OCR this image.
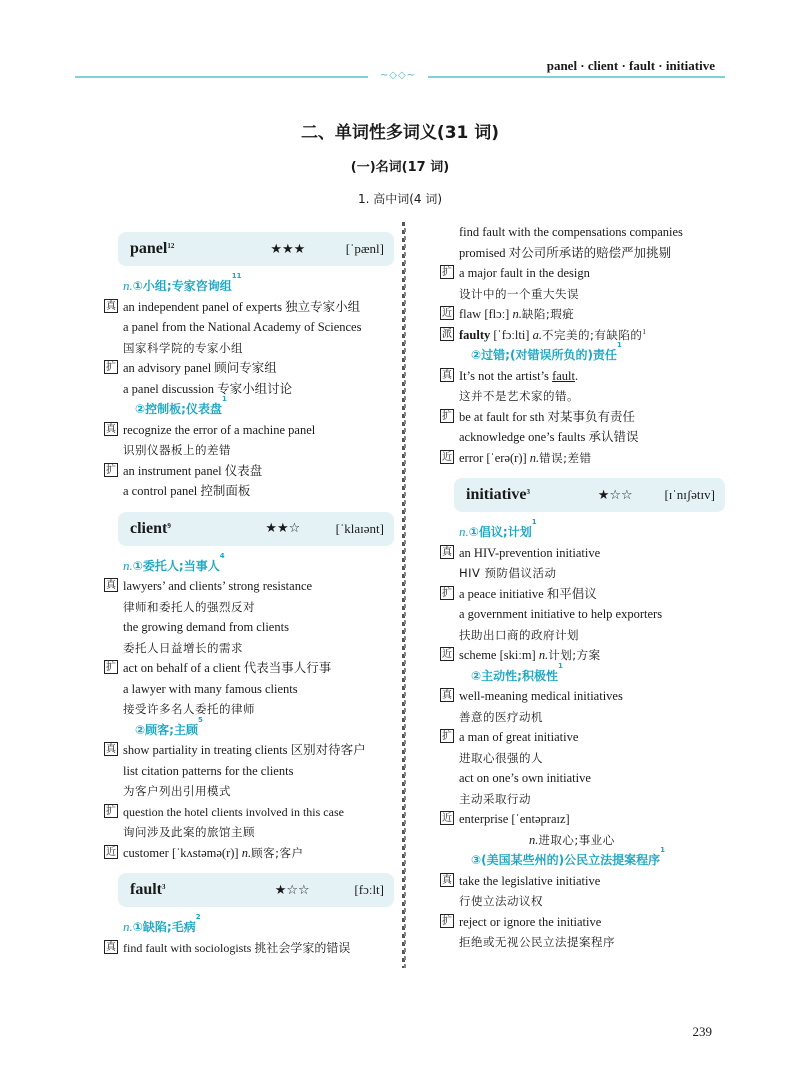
panel · client · fault · initiative
~◇◇~
二、单词性多词义(31 词)
(一)名词(17 词)
1. 高中词(4 词)
panel$^{12}$	★★★	[ˈpænl]
n. ①小组;专家咨询组
11
真 an independent panel of experts 独立专家小组
a panel from the National Academy of Sciences
国家科学院的专家小组
扩 an advisory panel 顾问专家组
a panel discussion 专家小组讨论
②控制板;仪表盘
1
真 recognize the error of a machine panel
识别仪器板上的差错
扩 an instrument panel 仪表盘
a control panel 控制面板
client$^9$	★★☆	[ˈklaɪənt]
n. ①委托人;当事人
4
真 lawyers’ and clients’ strong resistance
律师和委托人的强烈反对
the growing demand from clients
委托人日益增长的需求
扩 act on behalf of a client 代表当事人行事
a lawyer with many famous clients
接受许多名人委托的律师
②顾客;主顾
5
真 show partiality in treating clients 区别对待客户
list citation patterns for the clients
为客户列出引用模式
扩 question the hotel clients involved in this case
询问涉及此案的旅馆主顾
近 customer [ˈkʌstəmə(r)] n.顾客;客户
fault$^3$	★☆☆	[fɔːlt]
n. ①缺陷;毛病
2
真 find fault with sociologists 挑社会学家的错误
find fault with the compensations companies
promised 对公司所承诺的赔偿严加挑剔
扩 a major fault in the design
设计中的一个重大失误
近 flaw [flɔː] n.缺陷;瑕疵
派 faulty [ˈfɔːlti] a.不完美的;有缺陷的$^1$
②过错;(对错误所负的)责任
1
真 It’s not the artist’s fault.
这并不是艺术家的错。
扩 be at fault for sth 对某事负有责任
acknowledge one’s faults 承认错误
近 error [ˈerə(r)] n.错误;差错
initiative$^3$	★☆☆	[ɪˈnɪʃətɪv]
n. ①倡议;计划
1
真 an HIV-prevention initiative
HIV 预防倡议活动
扩 a peace initiative 和平倡议
a government initiative to help exporters
扶助出口商的政府计划
近 scheme [skiːm] n.计划;方案
②主动性;积极性
1
真 well-meaning medical initiatives
善意的医疗动机
扩 a man of great initiative
进取心很强的人
act on one’s own initiative
主动采取行动
近 enterprise [ˈentəpraɪz]
n.进取心;事业心
③(美国某些州的)公民立法提案程序
1
真 take the legislative initiative
行使立法动议权
扩 reject or ignore the initiative
拒绝或无视公民立法提案程序
239
